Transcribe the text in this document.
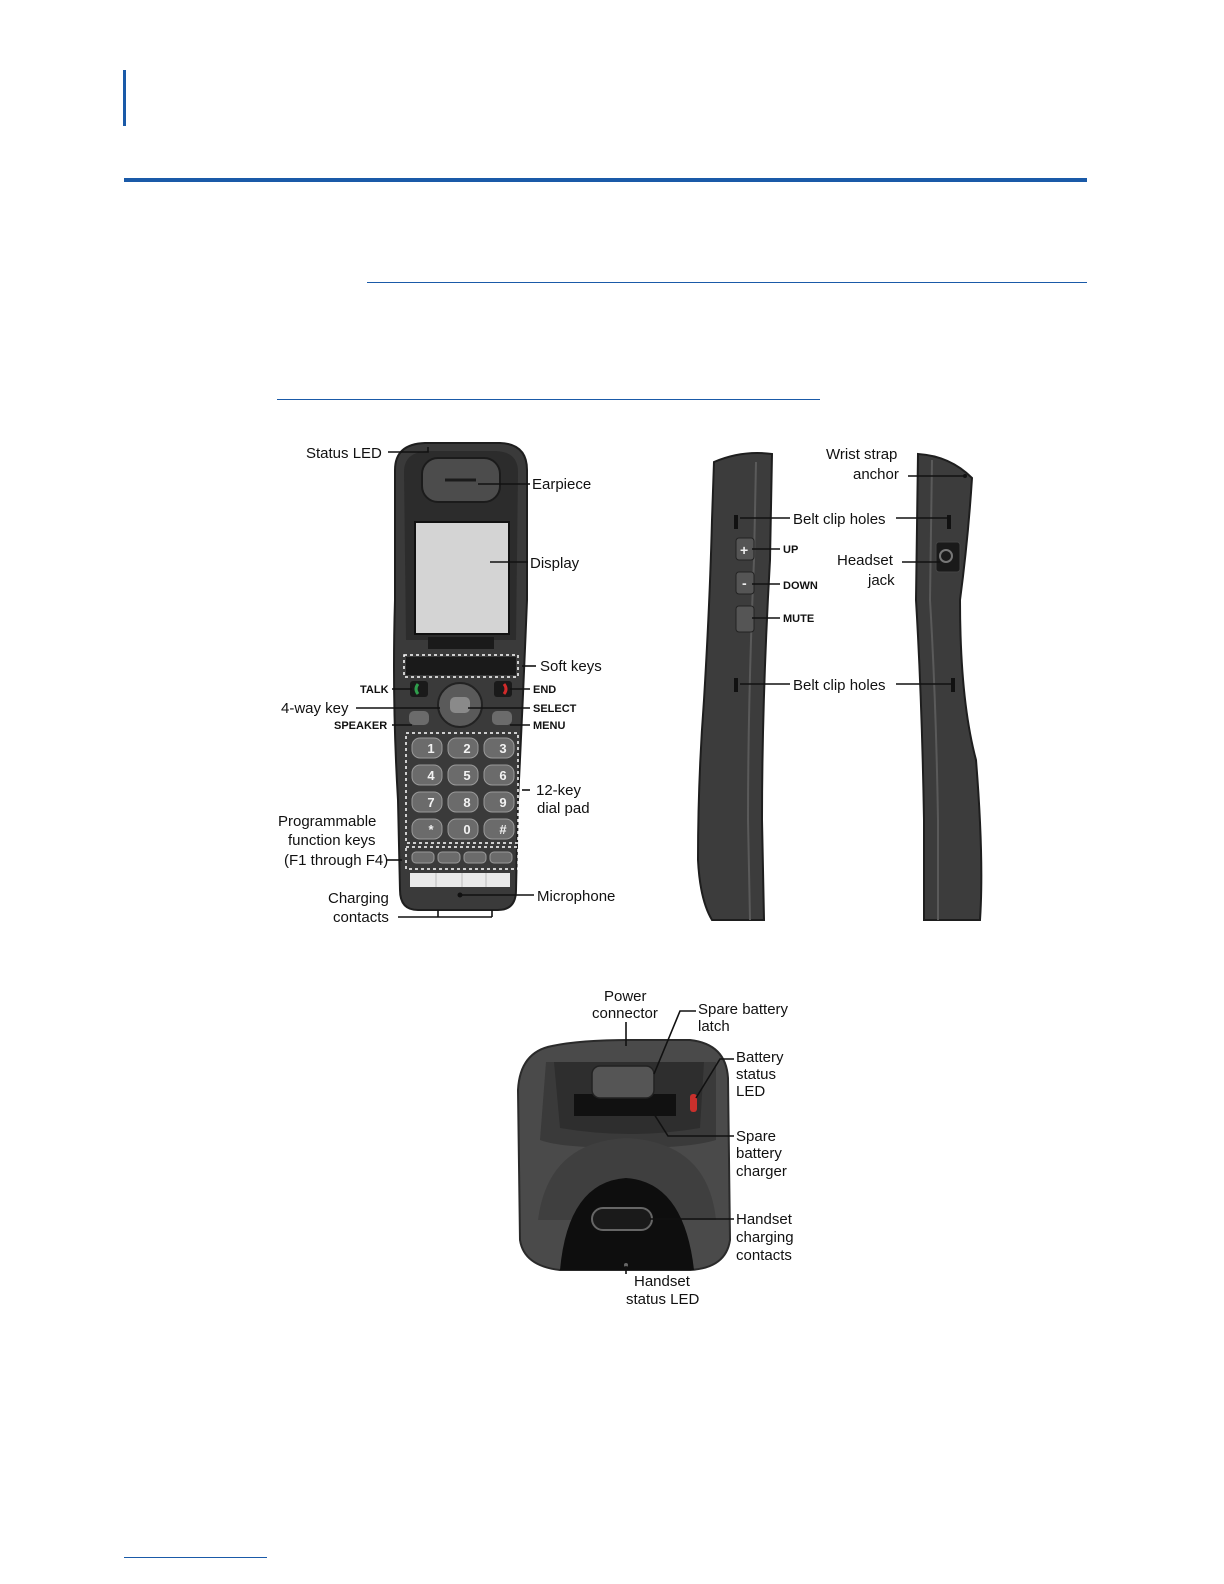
1 2 3
4 5 6
7 8 9
* 0 #
Status LED
Earpiece
Display
Soft keys
TALK	END
4-way key	SELECT
SPEAKER	MENU
12-key
dial pad
Programmable
function keys
(F1 through F4)
Charging
contacts
Microphone
+
-
Wrist strap
anchor
Belt clip holes
UP
DOWN
MUTE
Headset
jack
Belt clip holes
Power
connector	Spare battery
latch
Battery
status
LED
Spare
battery
charger
Handset
charging
contacts
Handset
status LED
